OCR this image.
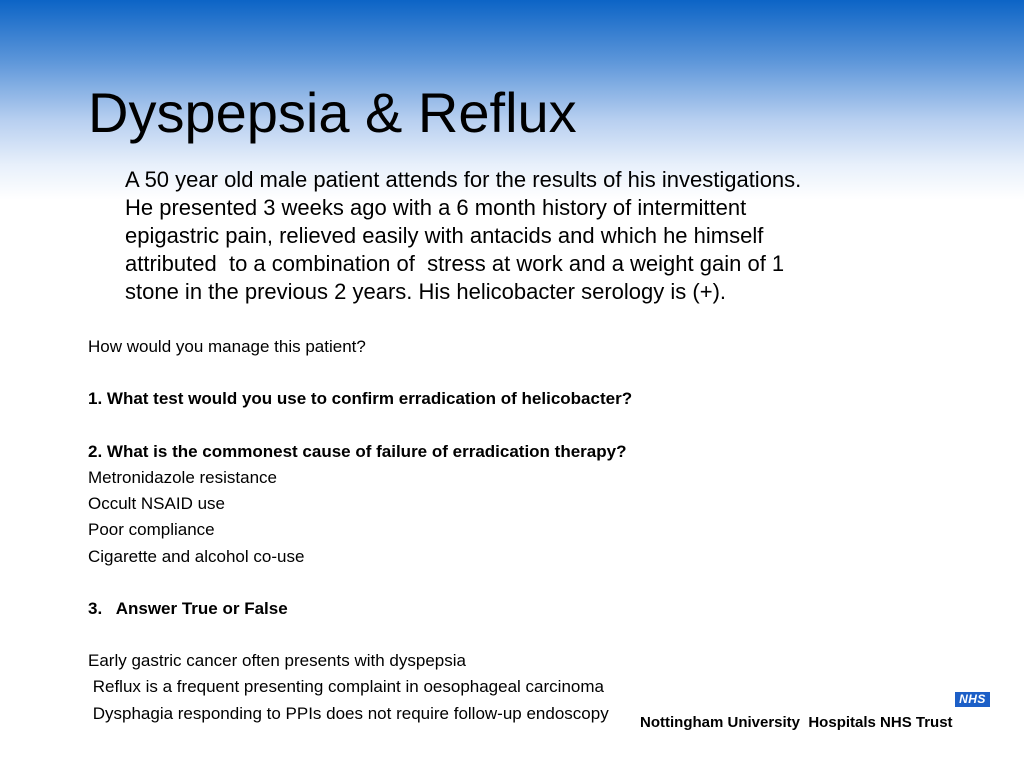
Dyspepsia & Reflux
A 50 year old male patient attends for the results of his investigations.
He presented 3 weeks ago with a 6 month history of intermittent
epigastric pain, relieved easily with antacids and which he himself
attributed  to a combination of  stress at work and a weight gain of 1
stone in the previous 2 years. His helicobacter serology is (+).
How would you manage this patient?
1. What test would you use to confirm erradication of helicobacter?
2. What is the commonest cause of failure of erradication therapy?
Metronidazole resistance
Occult NSAID use
Poor compliance
Cigarette and alcohol co-use
3.   Answer True or False
Early gastric cancer often presents with dyspepsia
Reflux is a frequent presenting complaint in oesophageal carcinoma
Dysphagia responding to PPIs does not require follow-up endoscopy
NHS
Nottingham University  Hospitals NHS Trust
